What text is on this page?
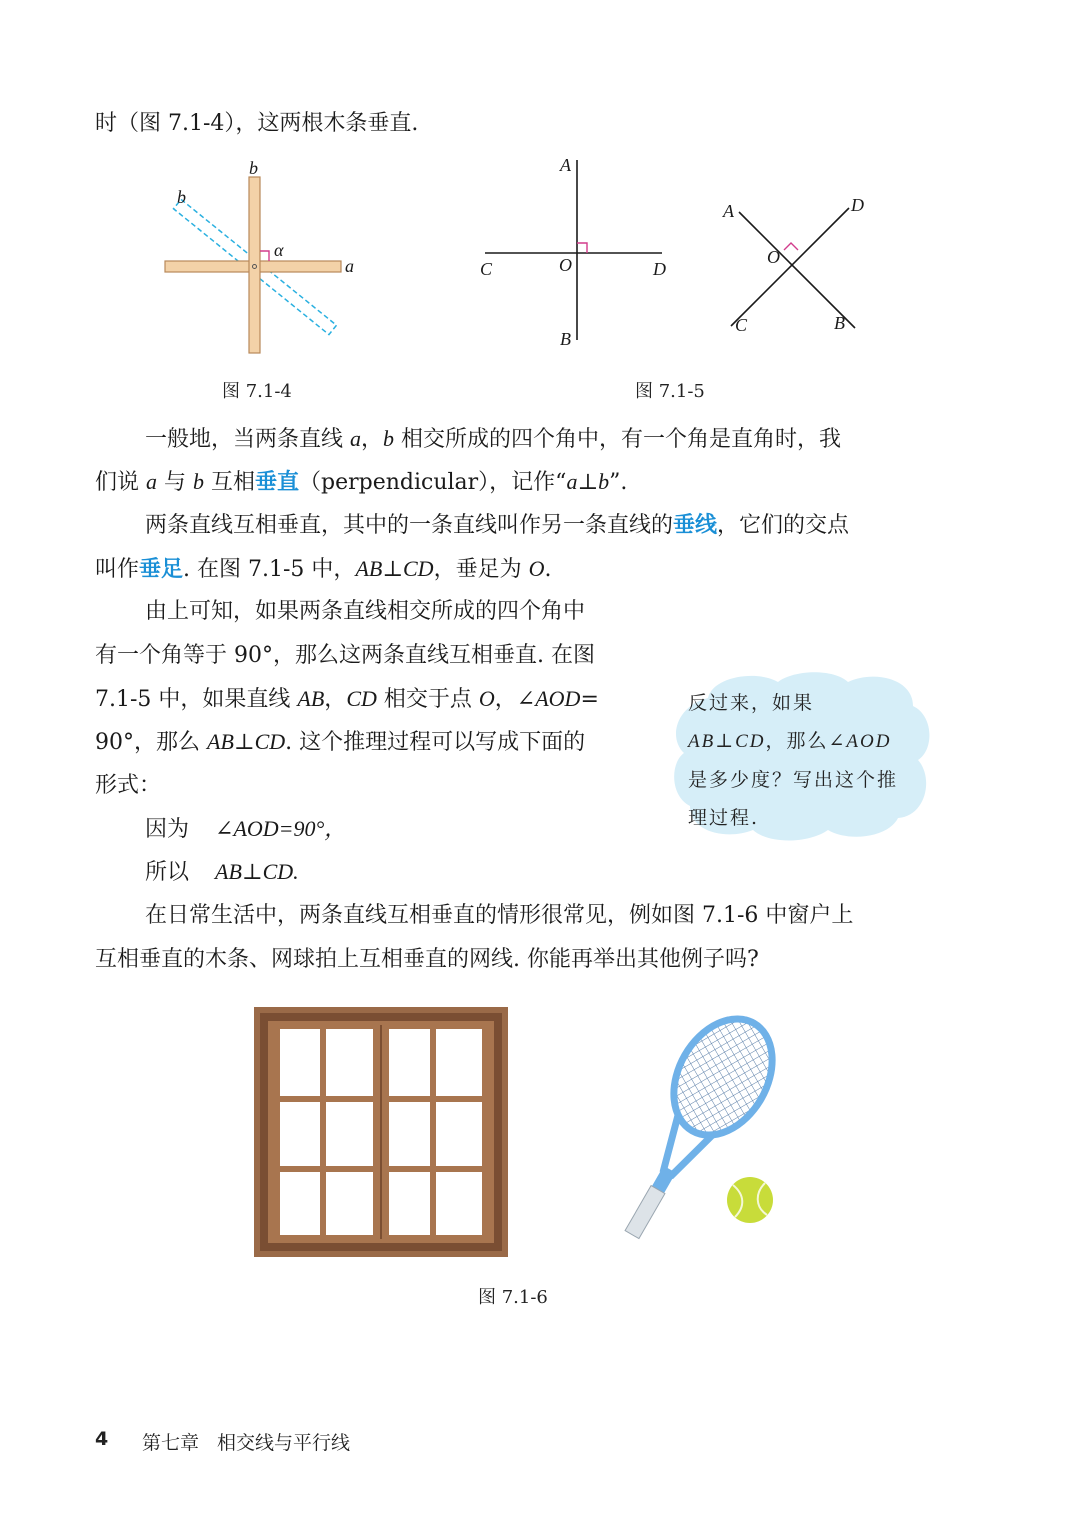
时（图 7.1-4），这两根木条垂直.

b
b
α
a
图 7.1-4
A
B
C	D
O
A	D
O
C	B
图 7.1-5

一般地，当两条直线 a，b 相交所成的四个角中，有一个角是直角时，我

们说 a 与 b 互相垂直（perpendicular），记作“a⊥b”.

两条直线互相垂直，其中的一条直线叫作另一条直线的垂线，它们的交点

叫作垂足. 在图 7.1-5 中，AB⊥CD，垂足为 O.

由上可知，如果两条直线相交所成的四个角中

有一个角等于 90°，那么这两条直线互相垂直. 在图

7.1-5 中，如果直线 AB，CD 相交于点 O，∠AOD=

90°，那么 AB⊥CD. 这个推理过程可以写成下面的

形式：

因为 ∠AOD=90°，

所以 AB⊥CD.

反过来，如果 AB⊥CD，那么∠AOD 是多少度？写出这个推理过程.

在日常生活中，两条直线互相垂直的情形很常见，例如图 7.1-6 中窗户上

互相垂直的木条、网球拍上互相垂直的网线. 你能再举出其他例子吗?

图 7.1-6
4 第七章 相交线与平行线
